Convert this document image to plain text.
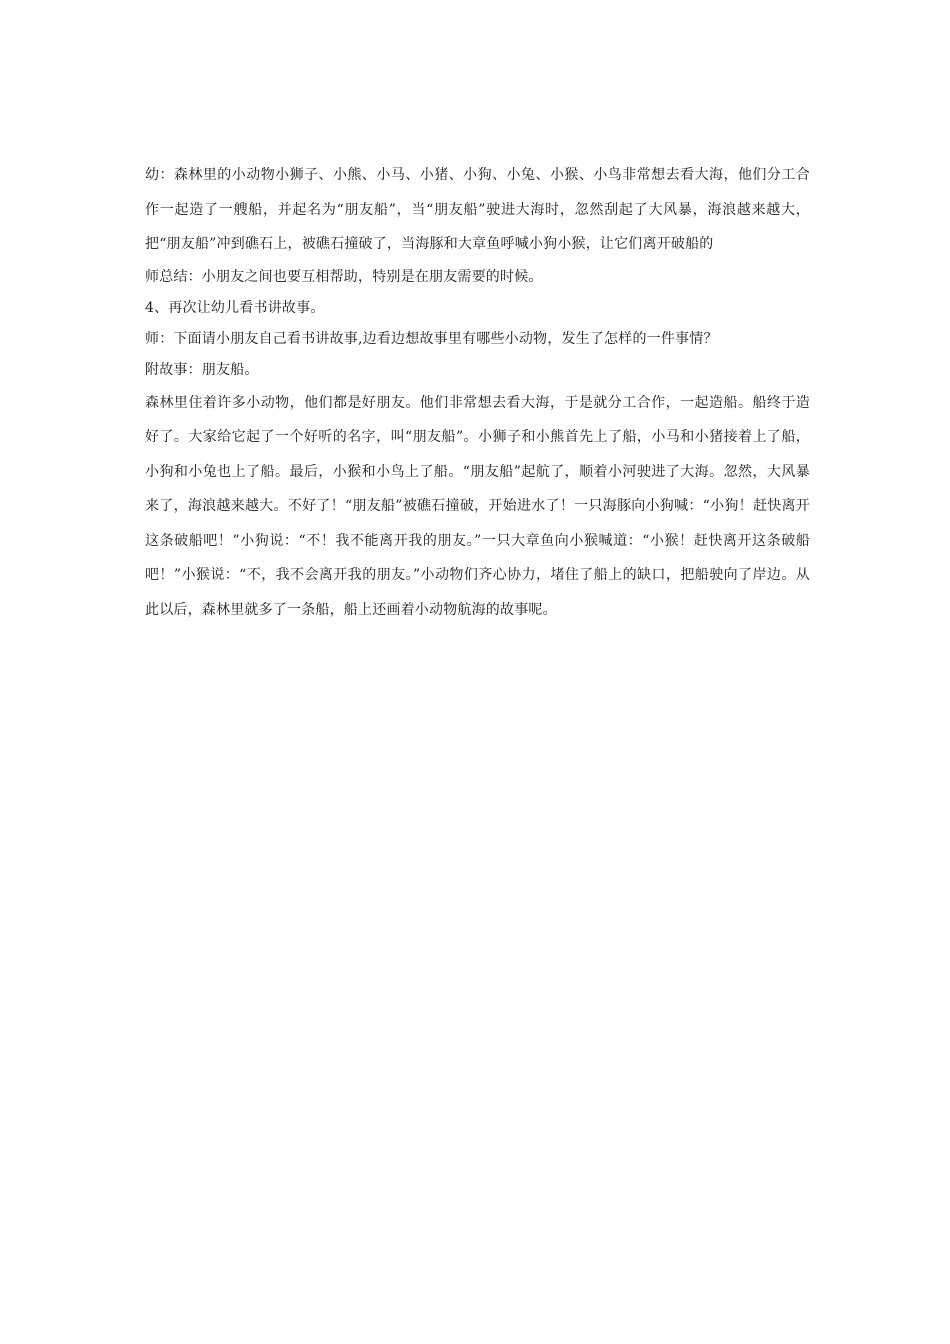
幼：森林里的小动物小狮子、小熊、小马、小猪、小狗、小兔、小猴、小鸟非常想去看大海，他们分工合作一起造了一艘船，并起名为“朋友船”，当“朋友船”驶进大海时，忽然刮起了大风暴，海浪越来越大，把“朋友船”冲到礁石上，被礁石撞破了，当海豚和大章鱼呼喊小狗小猴，让它们离开破船的

师总结：小朋友之间也要互相帮助，特别是在朋友需要的时候。

4、再次让幼儿看书讲故事。

师：下面请小朋友自己看书讲故事,边看边想故事里有哪些小动物，发生了怎样的一件事情？

附故事：朋友船。

森林里住着许多小动物，他们都是好朋友。他们非常想去看大海，于是就分工合作，一起造船。船终于造好了。大家给它起了一个好听的名字，叫“朋友船”。小狮子和小熊首先上了船，小马和小猪接着上了船，小狗和小兔也上了船。最后，小猴和小鸟上了船。“朋友船”起航了，顺着小河驶进了大海。忽然，大风暴来了，海浪越来越大。不好了！“朋友船”被礁石撞破，开始进水了！一只海豚向小狗喊：“小狗！赶快离开这条破船吧！”小狗说：“不！我不能离开我的朋友。”一只大章鱼向小猴喊道：“小猴！赶快离开这条破船吧！”小猴说：“不，我不会离开我的朋友。”小动物们齐心协力，堵住了船上的缺口，把船驶向了岸边。从此以后，森林里就多了一条船，船上还画着小动物航海的故事呢。
